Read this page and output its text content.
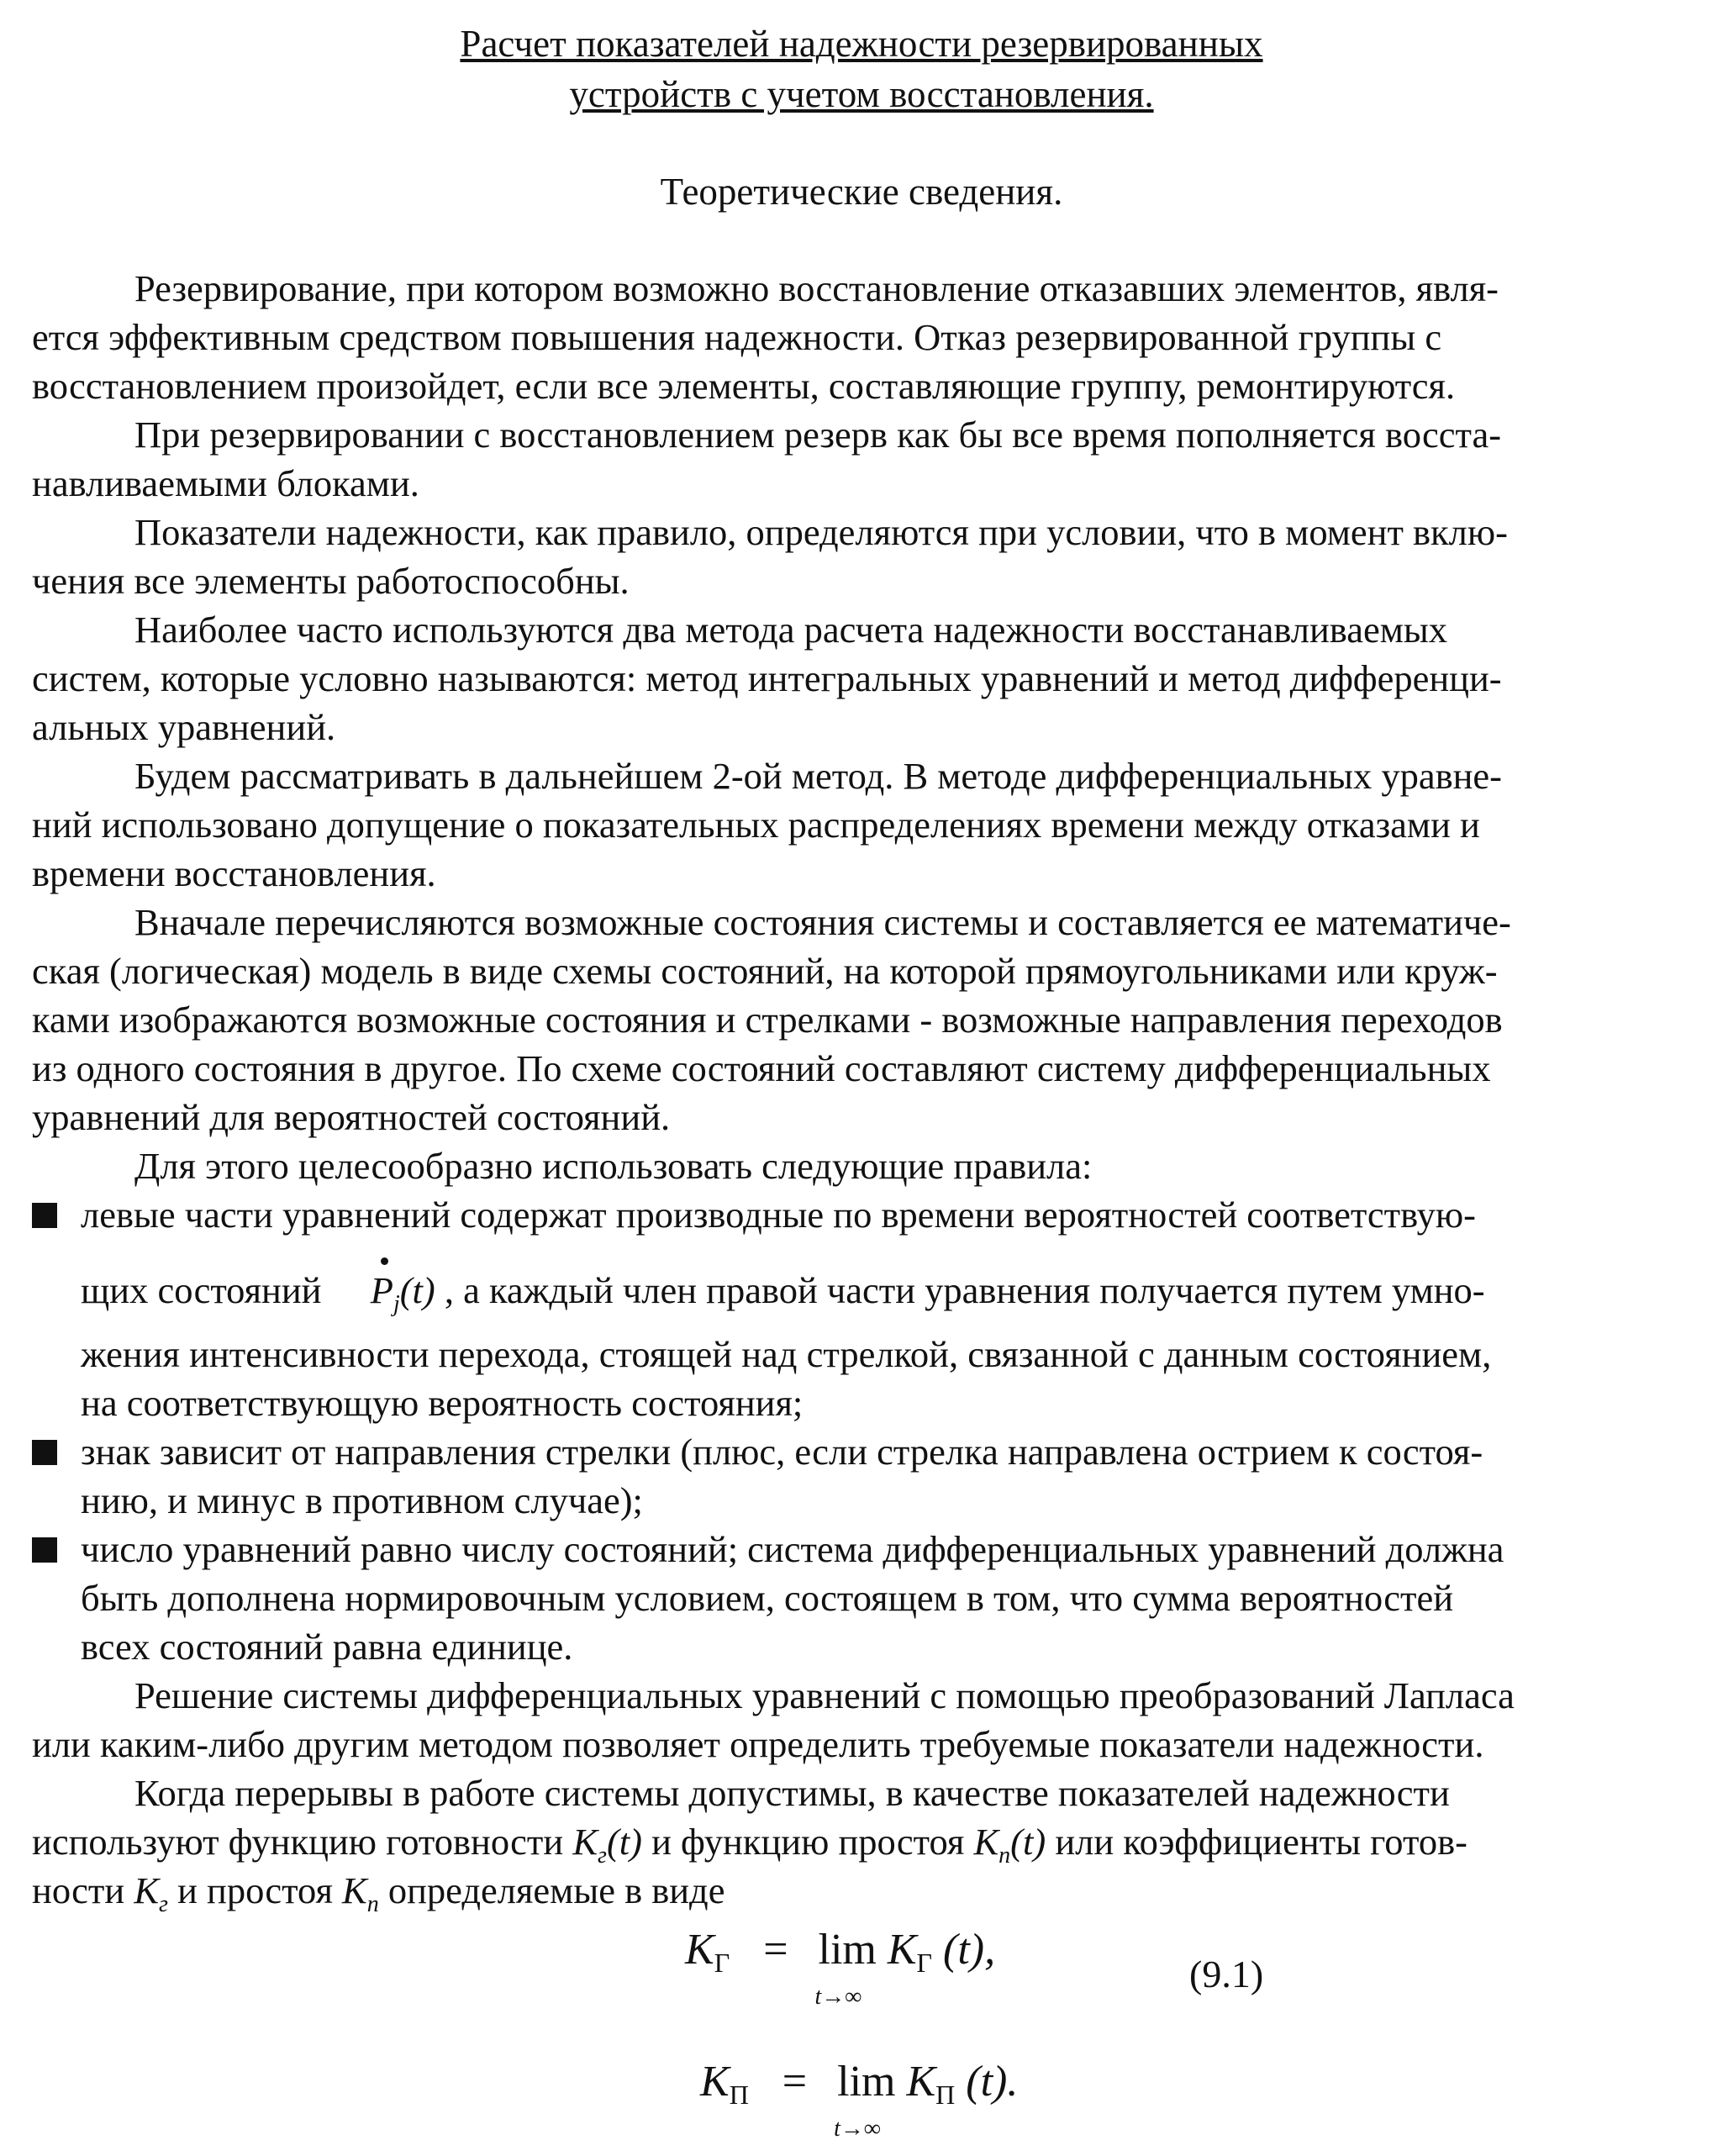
Расчет показателей надежности резервированных
устройств с учетом восстановления.
Теоретические сведения.
Резервирование, при котором возможно восстановление отказавших элементов, явля-
ется эффективным средством повышения надежности. Отказ резервированной группы с
восстановлением произойдет, если все элементы, составляющие группу, ремонтируются.
При резервировании с восстановлением резерв как бы все время пополняется восста-
навливаемыми блоками.
Показатели надежности, как правило, определяются при условии, что в момент вклю-
чения все элементы работоспособны.
Наиболее часто используются два метода расчета надежности восстанавливаемых
систем, которые условно называются: метод интегральных уравнений и метод дифференци-
альных уравнений.
Будем рассматривать в дальнейшем 2-ой метод. В методе дифференциальных уравне-
ний использовано допущение о показательных распределениях времени между отказами и
времени восстановления.
Вначале перечисляются возможные состояния системы и составляется ее математиче-
ская (логическая) модель в виде схемы состояний, на которой прямоугольниками или круж-
ками изображаются возможные состояния и стрелками - возможные направления переходов
из одного состояния в другое. По схеме состояний составляют систему дифференциальных
уравнений для вероятностей состояний.
Для этого целесообразно использовать следующие правила:
левые части уравнений содержат производные по времени вероятностей соответствую-
щих состояний $P_j(t)$ , а каждый член правой части уравнения получается путем умно-
жения интенсивности перехода, стоящей над стрелкой, связанной с данным состоянием,
на соответствующую вероятность состояния;
знак зависит от направления стрелки (плюс, если стрелка направлена острием к состоя-
нию, и минус в противном случае);
число уравнений равно числу состояний; система дифференциальных уравнений должна
быть дополнена нормировочным условием, состоящем в том, что сумма вероятностей
всех состояний равна единице.
Решение системы дифференциальных уравнений с помощью преобразований Лапласа
или каким-либо другим методом позволяет определить требуемые показатели надежности.
Когда перерывы в работе системы допустимы, в качестве показателей надежности
используют функцию готовности $K_г(t)$ и функцию простоя $K_п(t)$ или коэффициенты готов-
ности $K_г$ и простоя $K_п$ определяемые в виде
KГ = lim
t→∞
KГ (t),
(9.1)
KП = lim
t→∞
KП (t).
